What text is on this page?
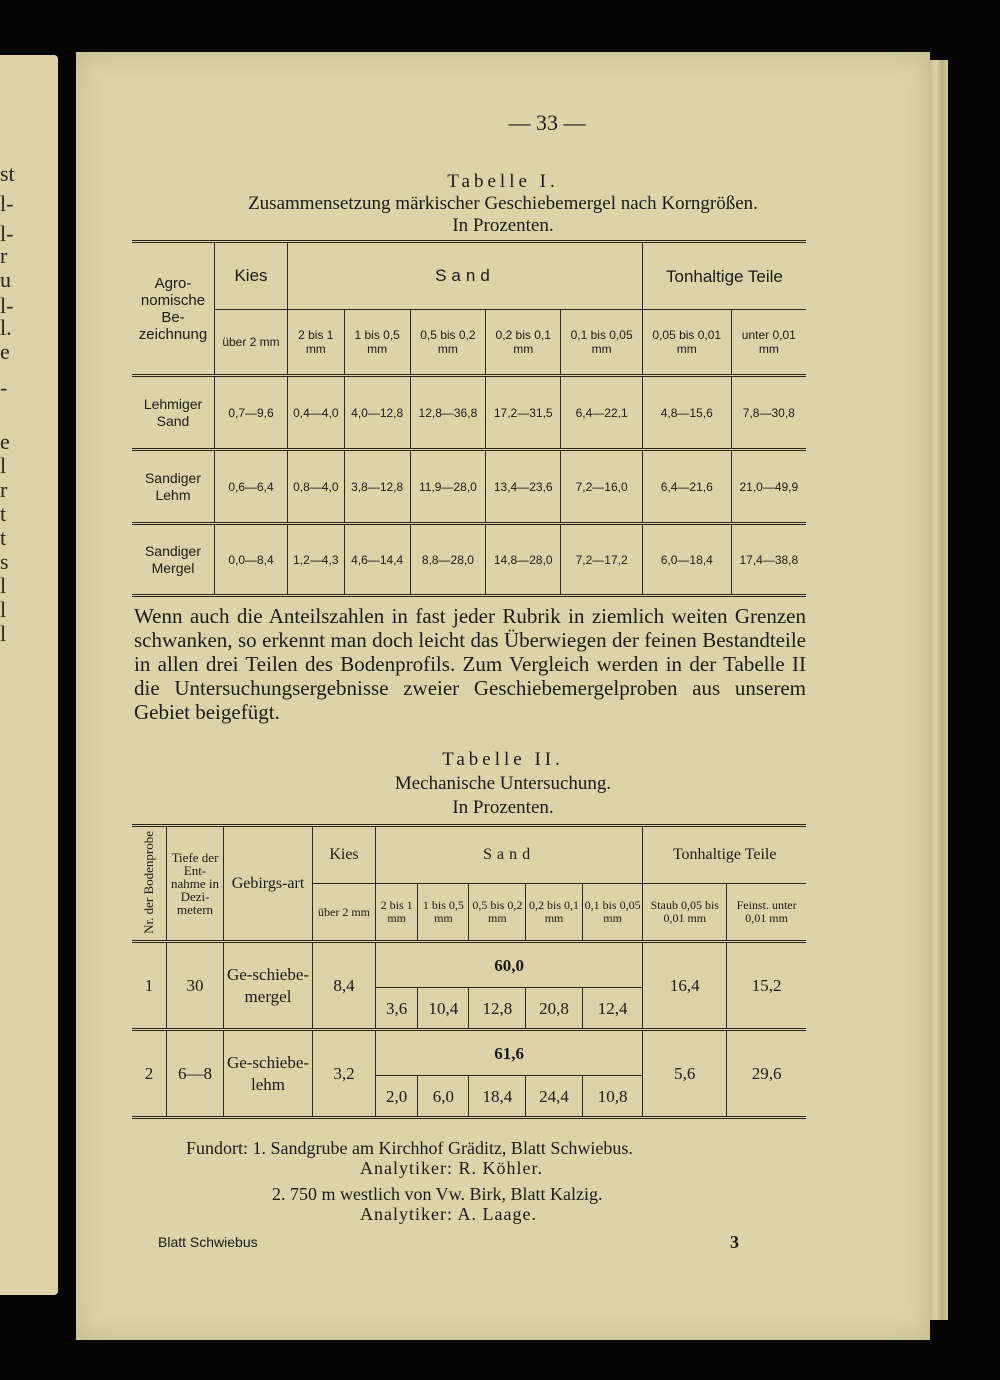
st
l-
l-
r
u
l-
l.
e
-
e
l
r
t
t
s
l
l
l
— 33 —
Tabelle I.
Zusammensetzung märkischer Geschiebemergel nach Korngrößen.
In Prozenten.
Agro-nomische Be-zeichnung	Kies	Sand					Tonhaltige Teile	
	über 2 mm	2 bis 1 mm	1 bis 0,5 mm	0,5 bis 0,2 mm	0,2 bis 0,1 mm	0,1 bis 0,05 mm	0,05 bis 0,01 mm	unter 0,01 mm
Lehmiger Sand	0,7—9,6	0,4—4,0	4,0—12,8	12,8—36,8	17,2—31,5	6,4—22,1	4,8—15,6	7,8—30,8
Sandiger Lehm	0,6—6,4	0,8—4,0	3,8—12,8	11,9—28,0	13,4—23,6	7,2—16,0	6,4—21,6	21,0—49,9
Sandiger Mergel	0,0—8,4	1,2—4,3	4,6—14,4	8,8—28,0	14,8—28,0	7,2—17,2	6,0—18,4	17,4—38,8
Wenn auch die Anteilszahlen in fast jeder Rubrik in ziemlich weiten Grenzen schwanken, so erkennt man doch leicht das Überwiegen der feinen Bestandteile in allen drei Teilen des Bodenprofils. Zum Vergleich werden in der Tabelle II die Untersuchungsergebnisse zweier Geschiebemergelproben aus unserem Gebiet beigefügt.
Tabelle II.
Mechanische Untersuchung.
In Prozenten.
Nr. der Bodenprobe	Tiefe der Ent-nahme in Dezi-metern	Gebirgs-art	Kies	Sand					Tonhaltige Teile	
			über 2 mm	2 bis 1 mm	1 bis 0,5 mm	0,5 bis 0,2 mm	0,2 bis 0,1 mm	0,1 bis 0,05 mm	Staub 0,05 bis 0,01 mm	Feinst. unter 0,01 mm
1	30	Ge-schiebe-mergel	8,4	60,0					16,4	15,2
				3,6	10,4	12,8	20,8	12,4		
2	6—8	Ge-schiebe-lehm	3,2	61,6					5,6	29,6
				2,0	6,0	18,4	24,4	10,8		
Fundort: 1. Sandgrube am Kirchhof Gräditz, Blatt Schwiebus.
Analytiker: R. Köhler.
2. 750 m westlich von Vw. Birk, Blatt Kalzig.
Analytiker: A. Laage.
Blatt Schwiebus	3
